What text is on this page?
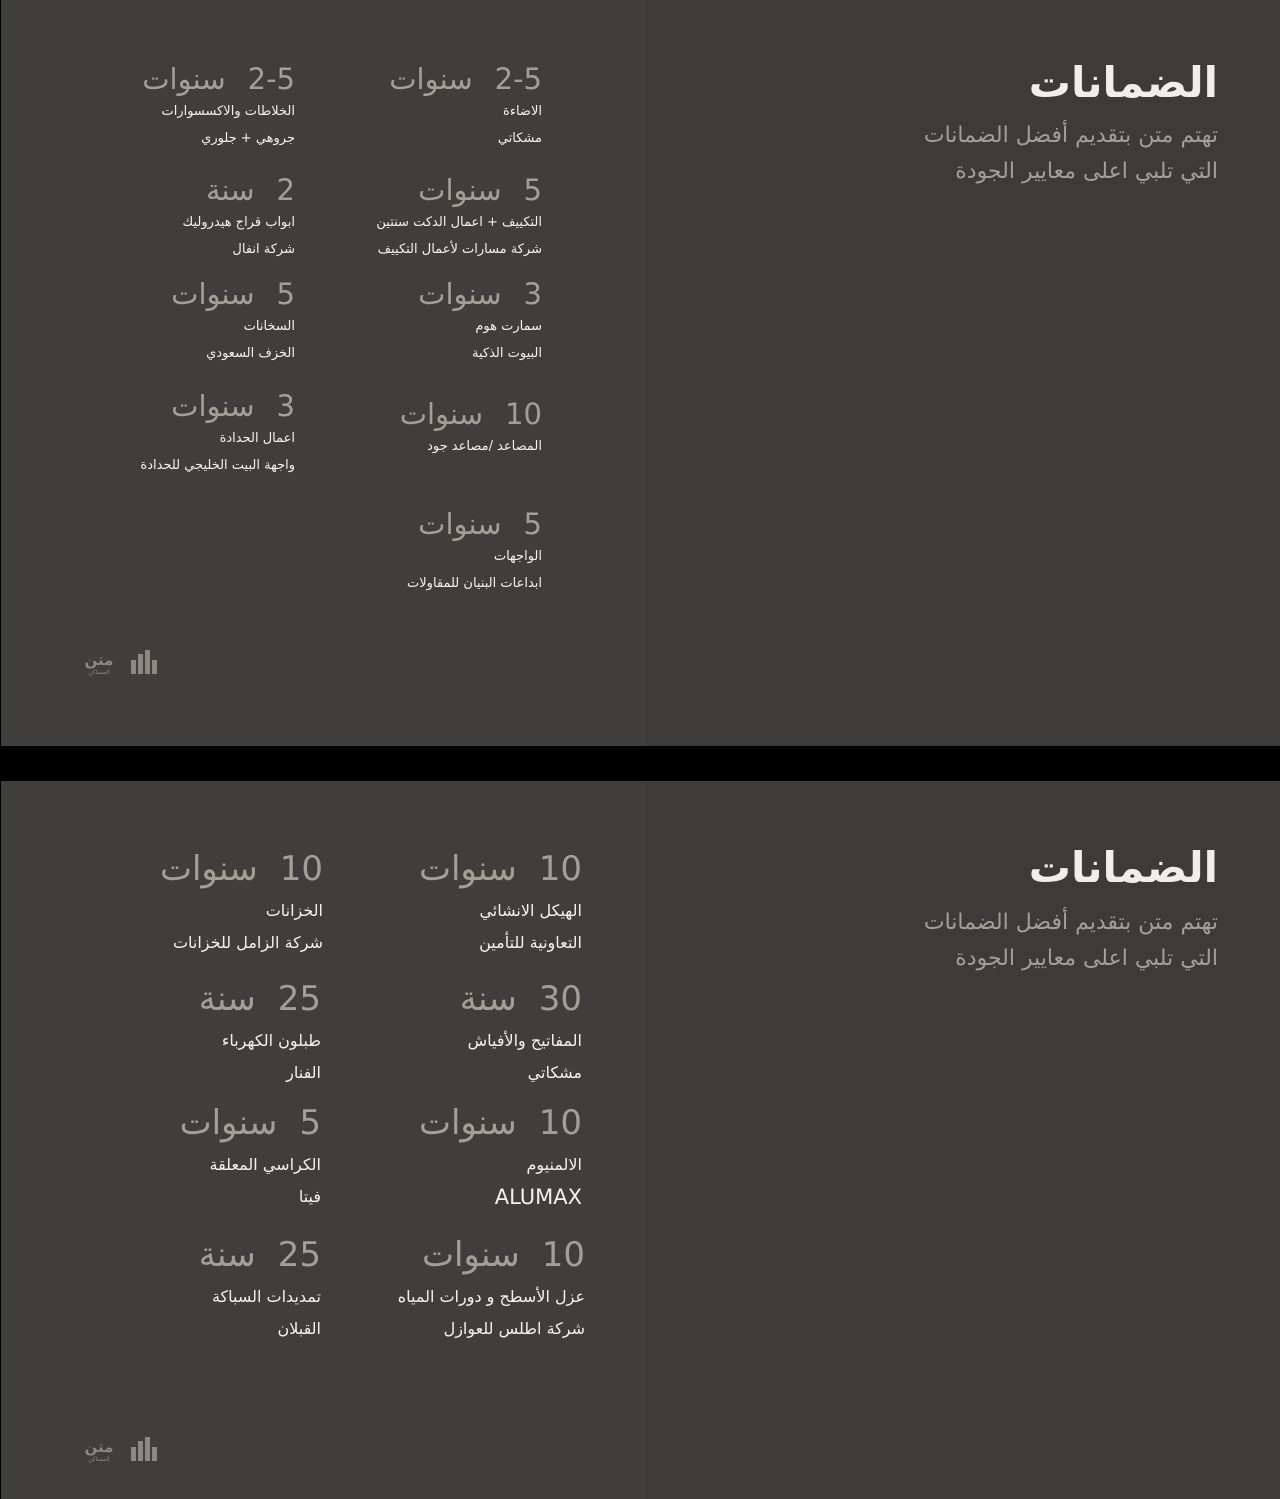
الضمانات
تهتم متن بتقديم أفضل الضمانات
التي تلبي اعلى معايير الجودة
2-5سنوات
الاضاءة
مشكاتي
5سنوات
التكييف + اعمال الدكت سنتين
شركة مسارات لأعمال التكييف
3سنوات
سمارت هوم
البيوت الذكية
10سنوات
المصاعد /مصاعد جود
5سنوات
الواجهات
ابداعات البنيان للمقاولات
2-5سنوات
الخلاطات والاكسسوارات
جروهي + جلوري
2سنة
ابواب قراج هيدروليك
شركة انفال
5سنوات
السخانات
الخزف السعودي
3سنوات
اعمال الحدادة
واجهة البيت الخليجي للحدادة
متن
المساكن
الضمانات
تهتم متن بتقديم أفضل الضمانات
التي تلبي اعلى معايير الجودة
10سنوات
الهيكل الانشائي
التعاونية للتأمين
30سنة
المفاتيح والأفياش
مشكاتي
10سنوات
الالمنيوم
ALUMAX
10سنوات
عزل الأسطح و دورات المياه
شركة اطلس للعوازل
10سنوات
الخزانات
شركة الزامل للخزانات
25سنة
طبلون الكهرباء
الفنار
5سنوات
الكراسي المعلقة
فيتا
25سنة
تمديدات السباكة
القبلان
متن
المساكن
